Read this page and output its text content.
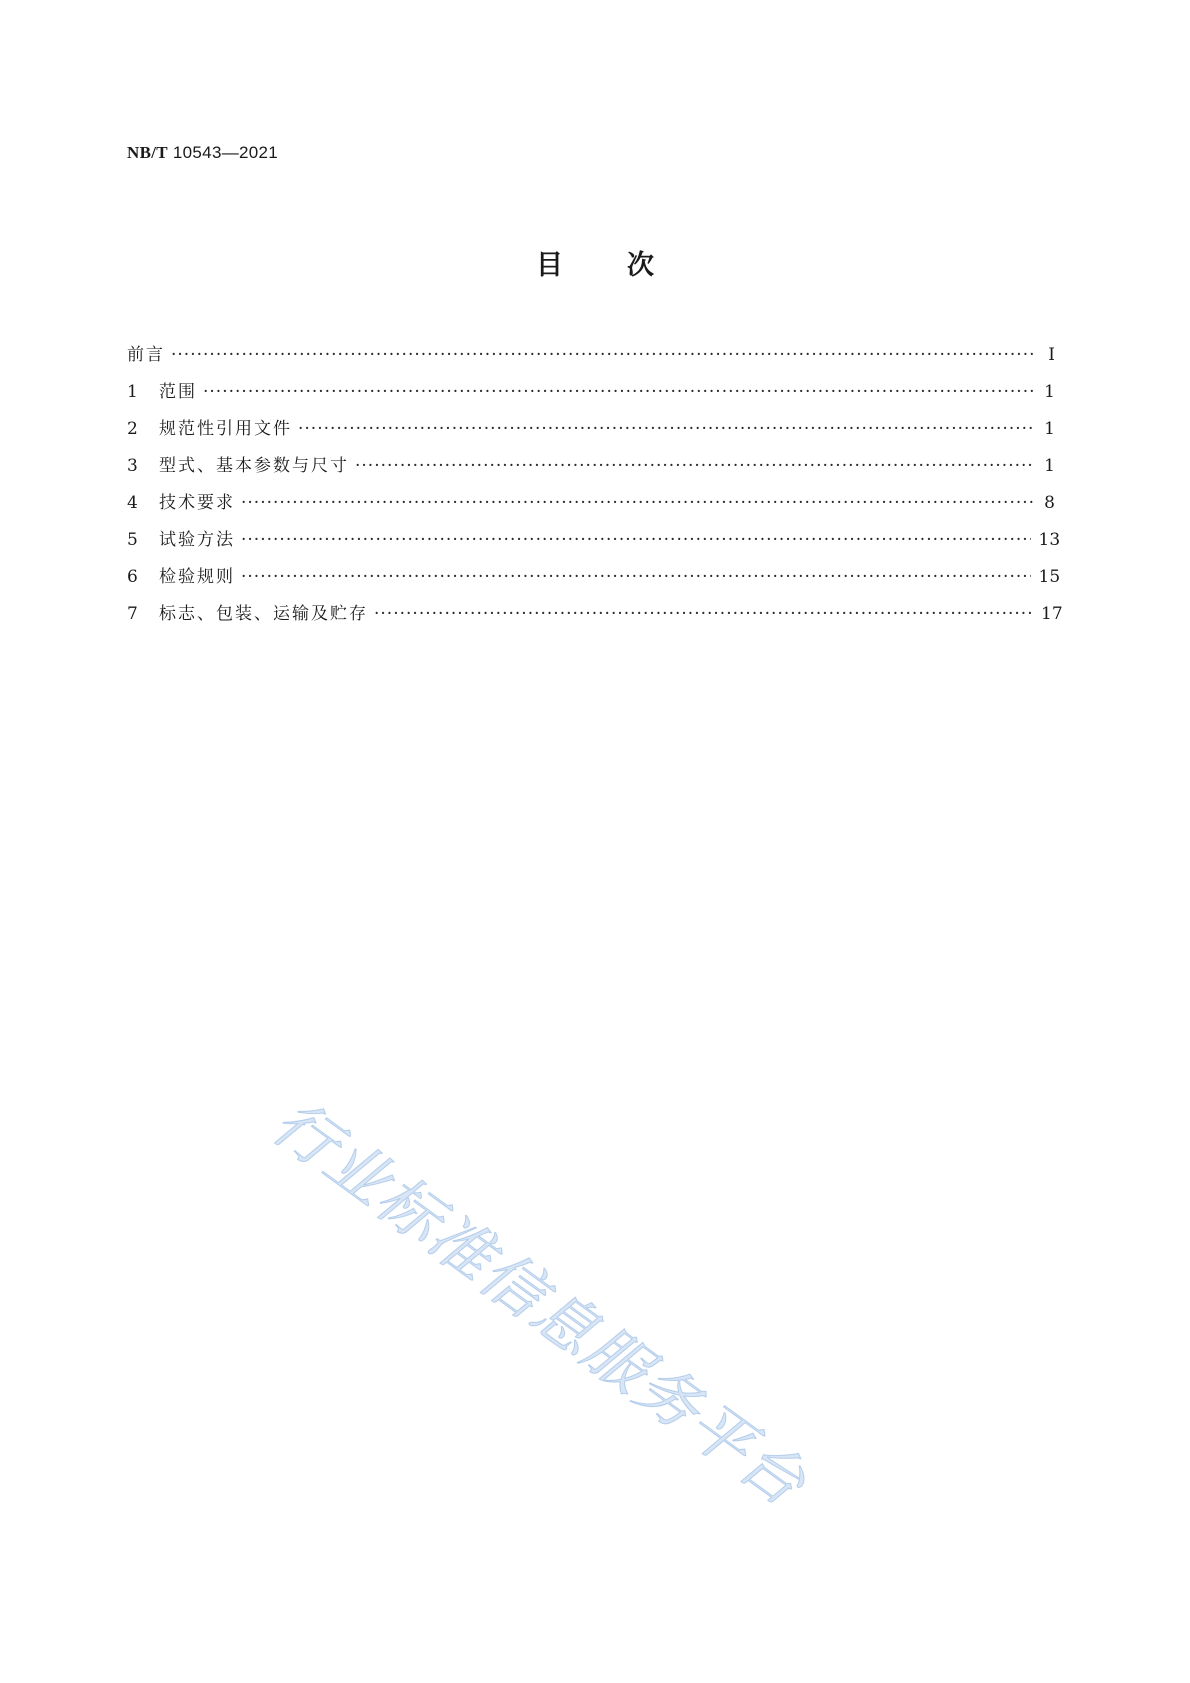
NB/T 10543—2021
目 次
前言 ·····	Ⅰ
1	范围 ·····	1
2	规范性引用文件 ·····	1
3	型式、基本参数与尺寸 ·····	1
4	技术要求 ·····	8
5	试验方法 ·····	13
6	检验规则 ·····	15
7	标志、包装、运输及贮存 ·····	17
行业标准信息服务平台
